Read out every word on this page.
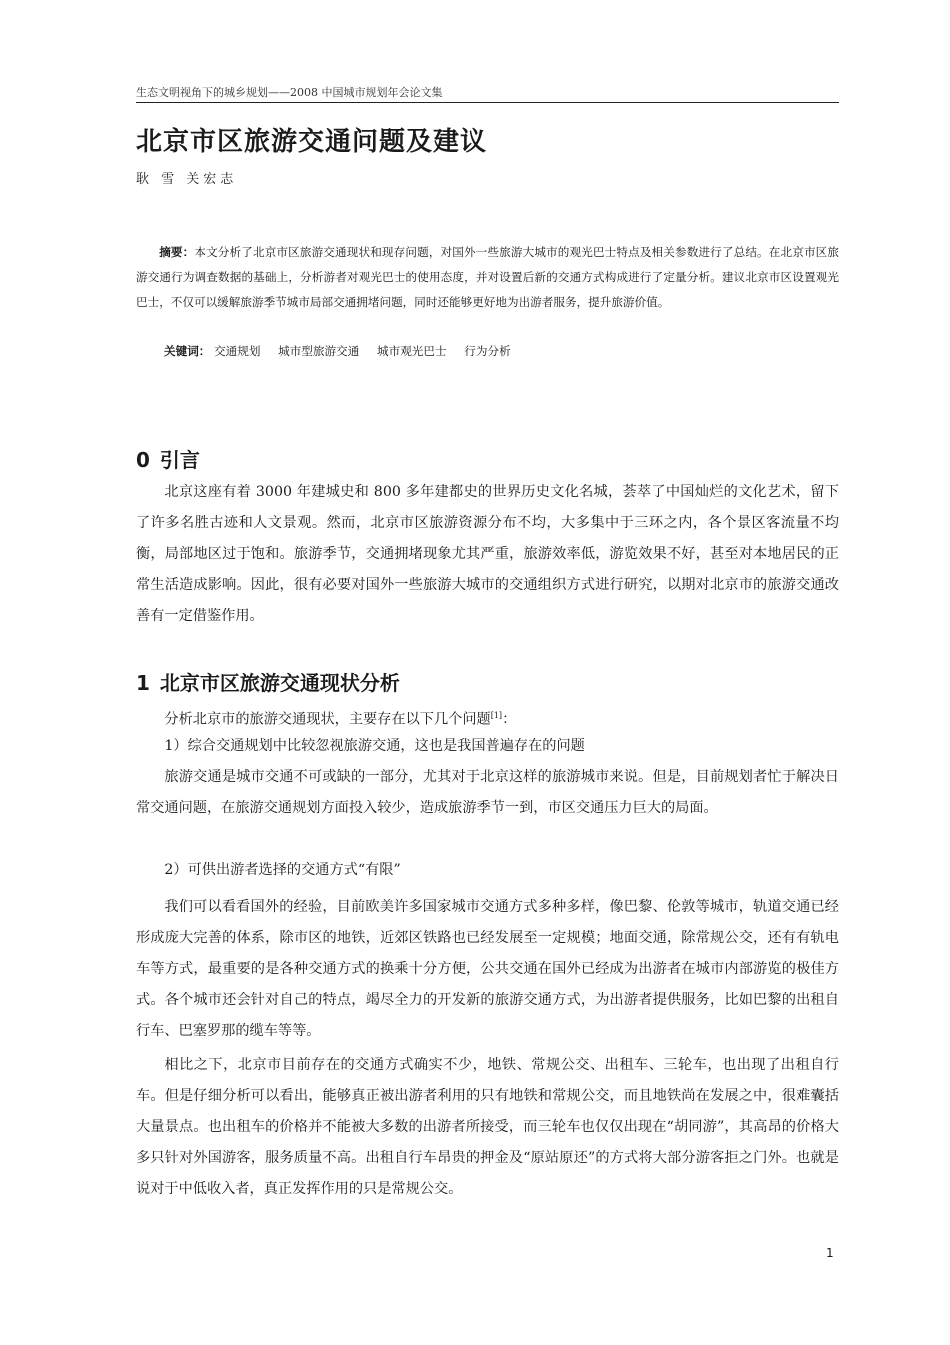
生态文明视角下的城乡规划——2008 中国城市规划年会论文集
北京市区旅游交通问题及建议
耿 雪 关宏志

摘要：本文分析了北京市区旅游交通现状和现存问题，对国外一些旅游大城市的观光巴士特点及相关参数进行了总结。在北京市区旅游交通行为调查数据的基础上，分析游者对观光巴士的使用态度，并对设置后新的交通方式构成进行了定量分析。建议北京市区设置观光巴士，不仅可以缓解旅游季节城市局部交通拥堵问题，同时还能够更好地为出游者服务，提升旅游价值。

关键词： 交通规划 城市型旅游交通 城市观光巴士 行为分析
0 引言

北京这座有着 3000 年建城史和 800 多年建都史的世界历史文化名城，荟萃了中国灿烂的文化艺术，留下了许多名胜古迹和人文景观。然而，北京市区旅游资源分布不均，大多集中于三环之内，各个景区客流量不均衡，局部地区过于饱和。旅游季节，交通拥堵现象尤其严重，旅游效率低，游览效果不好，甚至对本地居民的正常生活造成影响。因此，很有必要对国外一些旅游大城市的交通组织方式进行研究，以期对北京市的旅游交通改善有一定借鉴作用。

1 北京市区旅游交通现状分析

分析北京市的旅游交通现状，主要存在以下几个问题[1]：

1）综合交通规划中比较忽视旅游交通，这也是我国普遍存在的问题

旅游交通是城市交通不可或缺的一部分，尤其对于北京这样的旅游城市来说。但是，目前规划者忙于解决日常交通问题，在旅游交通规划方面投入较少，造成旅游季节一到，市区交通压力巨大的局面。

2）可供出游者选择的交通方式“有限”

我们可以看看国外的经验，目前欧美许多国家城市交通方式多种多样，像巴黎、伦敦等城市，轨道交通已经形成庞大完善的体系，除市区的地铁，近郊区铁路也已经发展至一定规模；地面交通，除常规公交，还有有轨电车等方式，最重要的是各种交通方式的换乘十分方便，公共交通在国外已经成为出游者在城市内部游览的极佳方式。各个城市还会针对自己的特点，竭尽全力的开发新的旅游交通方式，为出游者提供服务，比如巴黎的出租自行车、巴塞罗那的缆车等等。

相比之下，北京市目前存在的交通方式确实不少，地铁、常规公交、出租车、三轮车，也出现了出租自行车。但是仔细分析可以看出，能够真正被出游者利用的只有地铁和常规公交，而且地铁尚在发展之中，很难囊括大量景点。也出租车的价格并不能被大多数的出游者所接受，而三轮车也仅仅出现在“胡同游”，其高昂的价格大多只针对外国游客，服务质量不高。出租自行车昂贵的押金及“原站原还”的方式将大部分游客拒之门外。也就是说对于中低收入者，真正发挥作用的只是常规公交。

1
